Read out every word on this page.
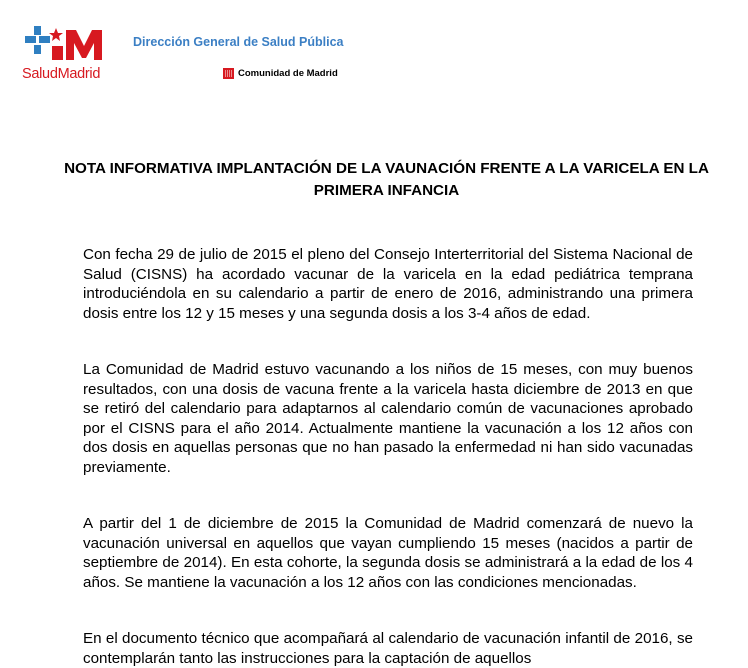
SaludMadrid
Dirección General de Salud Pública
Comunidad de Madrid
NOTA INFORMATIVA IMPLANTACIÓN DE LA VAUNACIÓN FRENTE A LA VARICELA EN LA PRIMERA INFANCIA
Con fecha 29 de julio de 2015 el pleno del Consejo Interterritorial del Sistema Nacional de Salud (CISNS) ha acordado vacunar de la varicela en la edad pediátrica temprana introduciéndola en su calendario a partir de enero de 2016, administrando una primera dosis entre los 12 y 15 meses y una segunda dosis a los 3-4 años de edad.
La Comunidad de Madrid estuvo vacunando a los niños de 15 meses, con muy buenos resultados, con una dosis de vacuna frente a la varicela hasta diciembre de 2013 en que se retiró del calendario para adaptarnos al calendario común de vacunaciones aprobado por el CISNS para el año 2014. Actualmente mantiene la vacunación a los 12 años con dos dosis en aquellas personas que no han pasado la enfermedad ni han sido vacunadas previamente.
A partir del 1 de diciembre de 2015 la Comunidad de Madrid comenzará de nuevo la vacunación universal en aquellos que vayan cumpliendo 15 meses (nacidos a partir de septiembre de 2014). En esta cohorte, la segunda dosis se administrará a la edad de los 4 años. Se mantiene la vacunación a los 12 años con las condiciones mencionadas.
En el documento técnico que acompañará al calendario de vacunación infantil de 2016, se contemplarán tanto las instrucciones para la captación de aquellos
